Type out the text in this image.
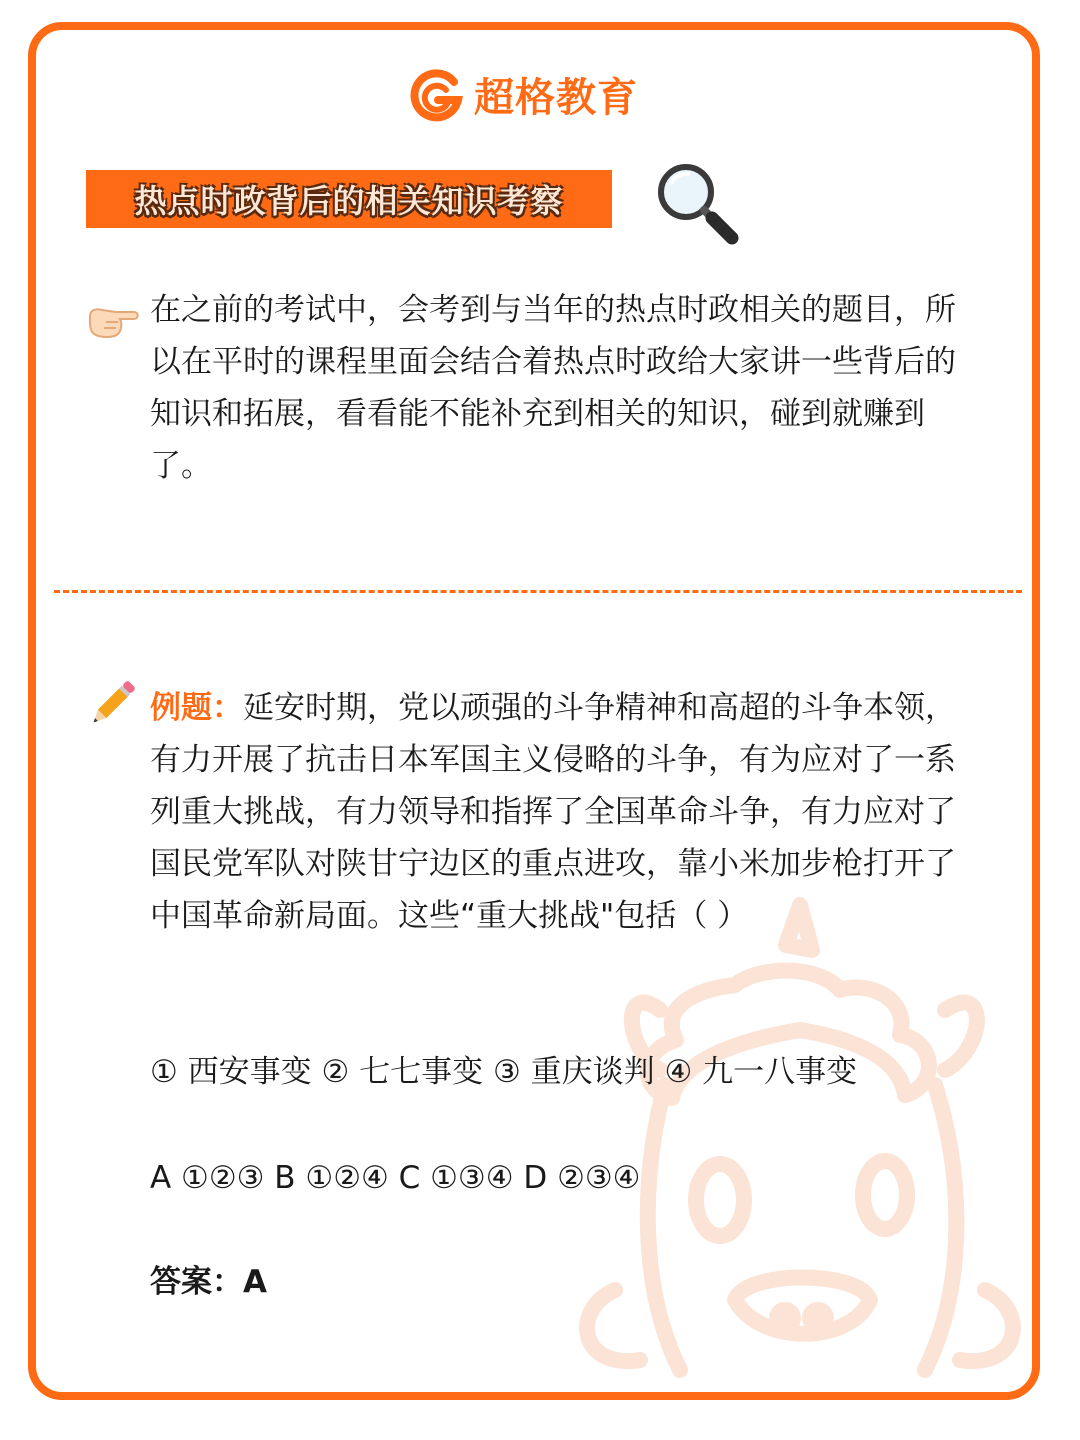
超格教育
热点时政背后的相关知识考察

在之前的考试中，会考到与当年的热点时政相关的题目，所以在平时的课程里面会结合着热点时政给大家讲一些背后的知识和拓展，看看能不能补充到相关的知识，碰到就赚到了。

例题：延安时期，党以顽强的斗争精神和高超的斗争本领，有力开展了抗击日本军国主义侵略的斗争，有为应对了一系列重大挑战，有力领导和指挥了全国革命斗争，有力应对了国民党军队对陕甘宁边区的重点进攻，靠小米加步枪打开了中国革命新局面。这些“重大挑战"包括（ ）

① 西安事变 ② 七七事变 ③ 重庆谈判 ④ 九一八事变
A ①②③ B ①②④ C ①③④ D ②③④
答案：A
